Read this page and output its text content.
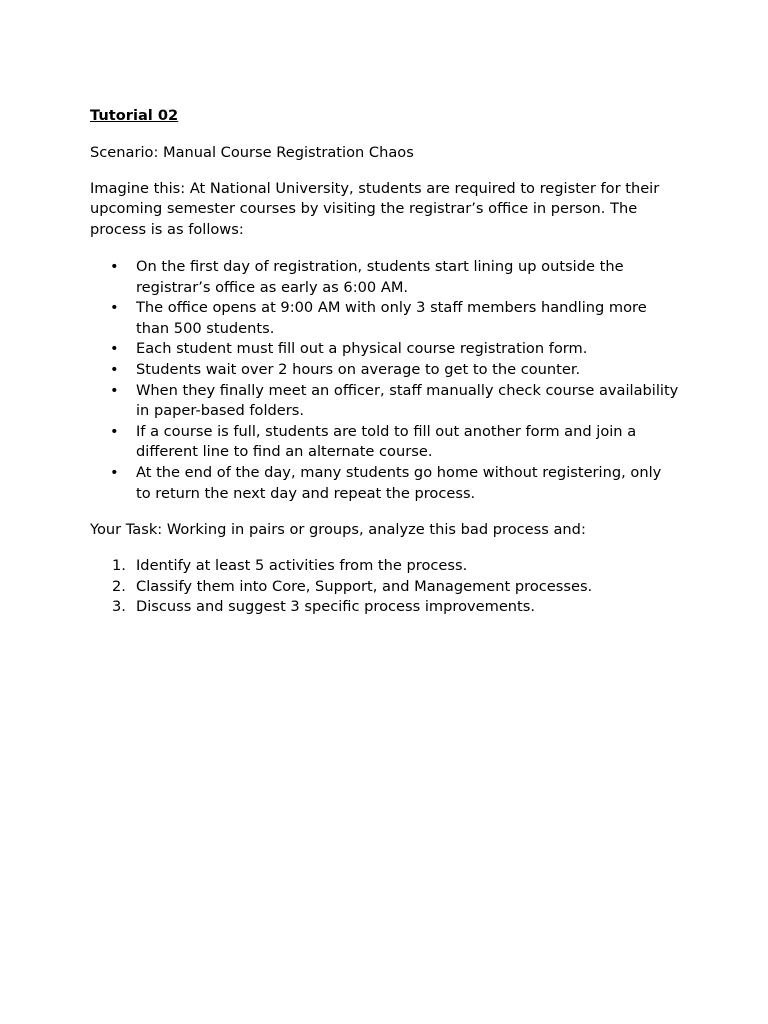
Tutorial 02

Scenario: Manual Course Registration Chaos

Imagine this: At National University, students are required to register for their upcoming semester courses by visiting the registrar’s office in person. The process is as follows:

• On the first day of registration, students start lining up outside the registrar’s office as early as 6:00 AM.
• The office opens at 9:00 AM with only 3 staff members handling more than 500 students.
• Each student must fill out a physical course registration form.
• Students wait over 2 hours on average to get to the counter.
• When they finally meet an officer, staff manually check course availability in paper-based folders.
• If a course is full, students are told to fill out another form and join a different line to find an alternate course.
• At the end of the day, many students go home without registering, only to return the next day and repeat the process.

Your Task: Working in pairs or groups, analyze this bad process and:

1. Identify at least 5 activities from the process.
2. Classify them into Core, Support, and Management processes.
3. Discuss and suggest 3 specific process improvements.
